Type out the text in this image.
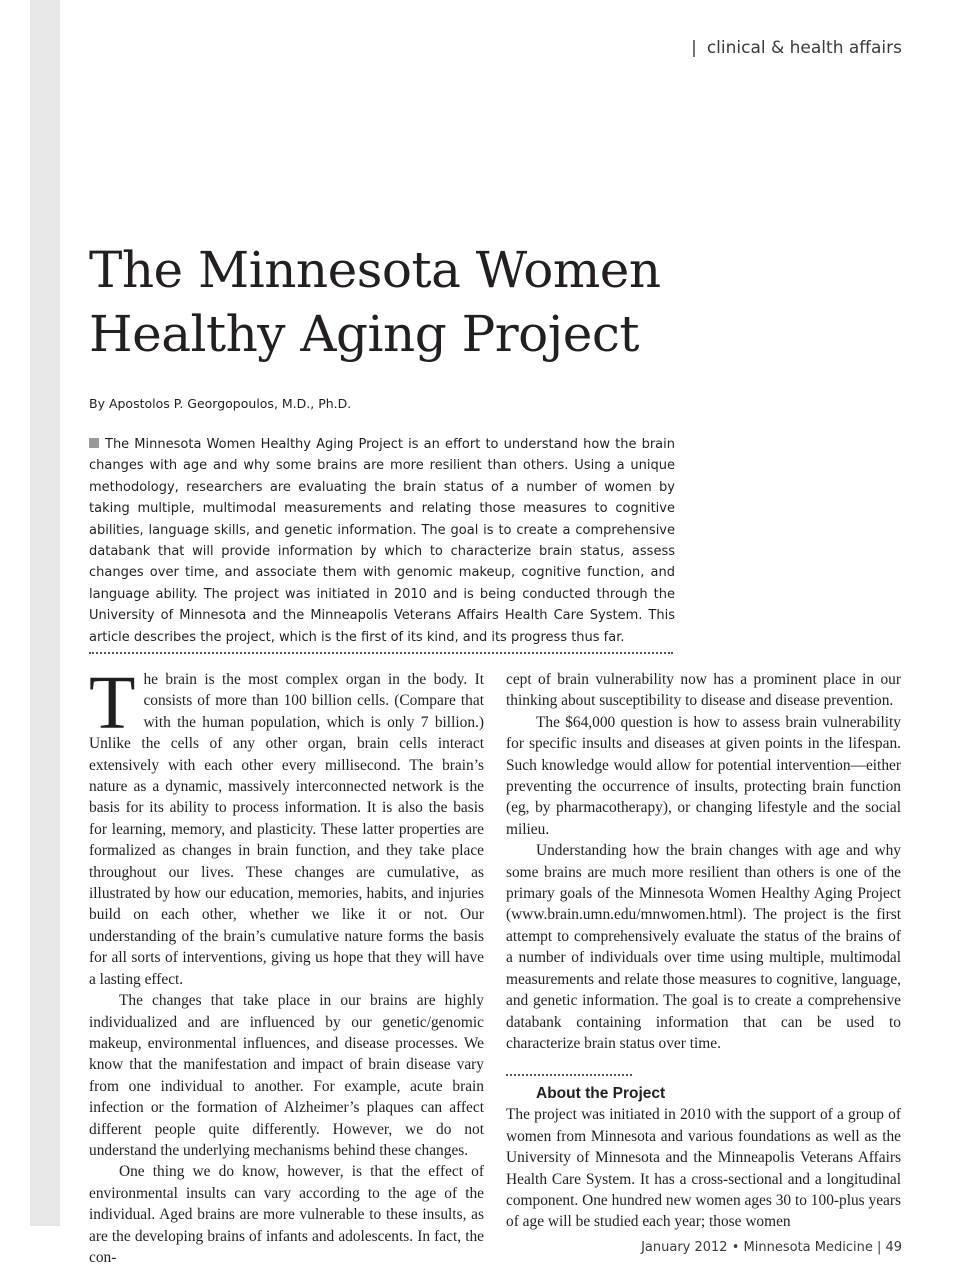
| clinical & health affairs
The Minnesota Women
Healthy Aging Project
By Apostolos P. Georgopoulos, M.D., Ph.D.
The Minnesota Women Healthy Aging Project is an effort to understand how the brain changes with age and why some brains are more resilient than others. Using a unique methodology, researchers are evaluating the brain status of a number of women by taking multiple, multimodal measurements and relating those measures to cognitive abilities, language skills, and genetic information. The goal is to create a comprehensive databank that will provide information by which to characterize brain status, assess changes over time, and associate them with genomic makeup, cognitive function, and language ability. The project was initiated in 2010 and is being conducted through the University of Minnesota and the Minneapolis Veterans Affairs Health Care System. This article describes the project, which is the first of its kind, and its progress thus far.

The brain is the most complex organ in the body. It consists of more than 100 billion cells. (Compare that with the human population, which is only 7 billion.) Unlike the cells of any other organ, brain cells interact extensively with each other every millisecond. The brain’s nature as a dynamic, massively interconnected network is the basis for its ability to process information. It is also the basis for learning, memory, and plasticity. These latter properties are formalized as changes in brain function, and they take place throughout our lives. These changes are cumulative, as illustrated by how our education, memories, habits, and injuries build on each other, whether we like it or not. Our understanding of the brain’s cumulative nature forms the basis for all sorts of interventions, giving us hope that they will have a lasting effect.

The changes that take place in our brains are highly individualized and are influenced by our genetic/genomic makeup, environmental influences, and disease processes. We know that the manifestation and impact of brain disease vary from one individual to another. For example, acute brain infection or the formation of Alzheimer’s plaques can affect different people quite differently. However, we do not understand the underlying mechanisms behind these changes.

One thing we do know, however, is that the effect of environmental insults can vary according to the age of the individual. Aged brains are more vulnerable to these insults, as are the developing brains of infants and adolescents. In fact, the con-

cept of brain vulnerability now has a prominent place in our thinking about susceptibility to disease and disease prevention.

The $64,000 question is how to assess brain vulnerability for specific insults and diseases at given points in the lifespan. Such knowledge would allow for potential intervention—either preventing the occurrence of insults, protecting brain function (eg, by pharmacotherapy), or changing lifestyle and the social milieu.

Understanding how the brain changes with age and why some brains are much more resilient than others is one of the primary goals of the Minnesota Women Healthy Aging Project (www.brain.umn.edu/mnwomen.html). The project is the first attempt to comprehensively evaluate the status of the brains of a number of individuals over time using multiple, multimodal measurements and relate those measures to cognitive, language, and genetic information. The goal is to create a comprehensive databank containing information that can be used to characterize brain status over time.

About the Project

The project was initiated in 2010 with the support of a group of women from Minnesota and various foundations as well as the University of Minnesota and the Minneapolis Veterans Affairs Health Care System. It has a cross-sectional and a longitudinal component. One hundred new women ages 30 to 100-plus years of age will be studied each year; those women

January 2012 • Minnesota Medicine | 49
